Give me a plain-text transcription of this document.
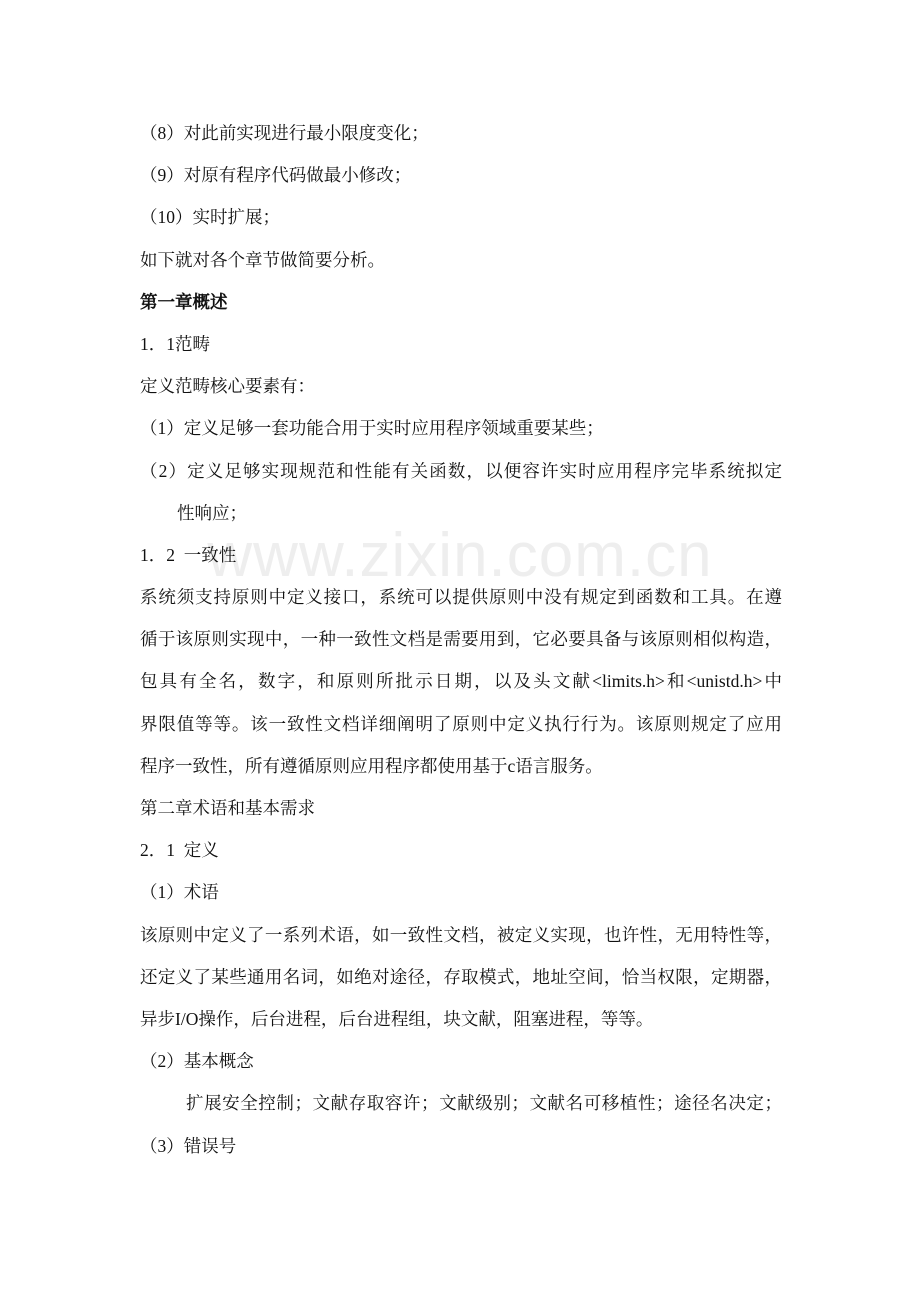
www.zixin.com.cn

（8）对此前实现进行最小限度变化；

（9）对原有程序代码做最小修改；

（10）实时扩展；

如下就对各个章节做简要分析。

第一章概述

1．1范畴

定义范畴核心要素有：

（1）定义足够一套功能合用于实时应用程序领域重要某些；

（2）定义足够实现规范和性能有关函数，以便容许实时应用程序完毕系统拟定

性响应；

1．2  一致性

系统须支持原则中定义接口，系统可以提供原则中没有规定到函数和工具。在遵

循于该原则实现中，一种一致性文档是需要用到，它必要具备与该原则相似构造，

包具有全名，数字，和原则所批示日期，以及头文献<limits.h>和<unistd.h>中

界限值等等。该一致性文档详细阐明了原则中定义执行行为。该原则规定了应用

程序一致性，所有遵循原则应用程序都使用基于c语言服务。

第二章术语和基本需求

2．1  定义

（1）术语

该原则中定义了一系列术语，如一致性文档，被定义实现，也许性，无用特性等，

还定义了某些通用名词，如绝对途径，存取模式，地址空间，恰当权限，定期器，

异步I/O操作，后台进程，后台进程组，块文献，阻塞进程，等等。

（2）基本概念

扩展安全控制；文献存取容许；文献级别；文献名可移植性；途径名决定；

（3）错误号
